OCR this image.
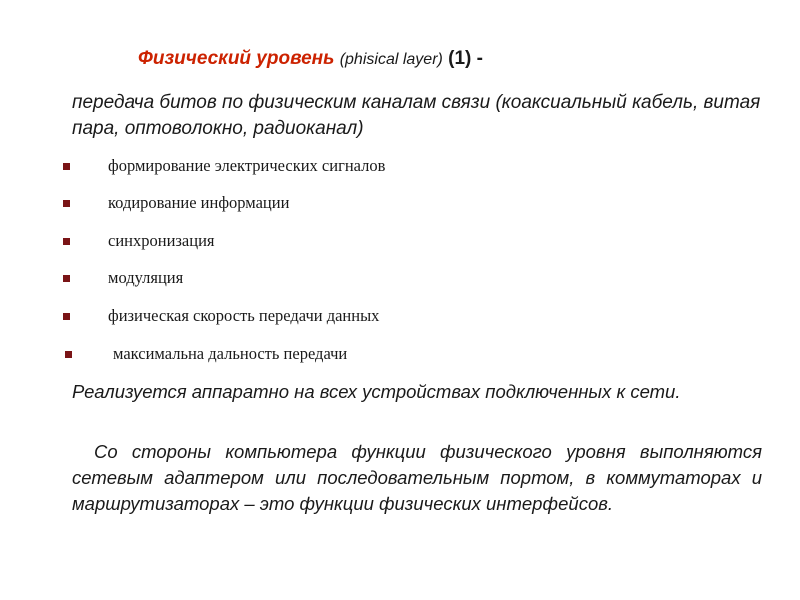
Физический уровень (phisical layer) (1) -
передача битов по физическим каналам связи (коаксиальный кабель, витая пара, оптоволокно, радиоканал)
формирование электрических сигналов
кодирование информации
синхронизация
модуляция
физическая скорость передачи данных
максимальна дальность передачи
Реализуется аппаратно на всех устройствах подключенных к сети.
Со стороны компьютера функции физического уровня выполняются сетевым адаптером или последовательным портом, в коммутаторах и маршрутизаторах – это функции физических интерфейсов.
